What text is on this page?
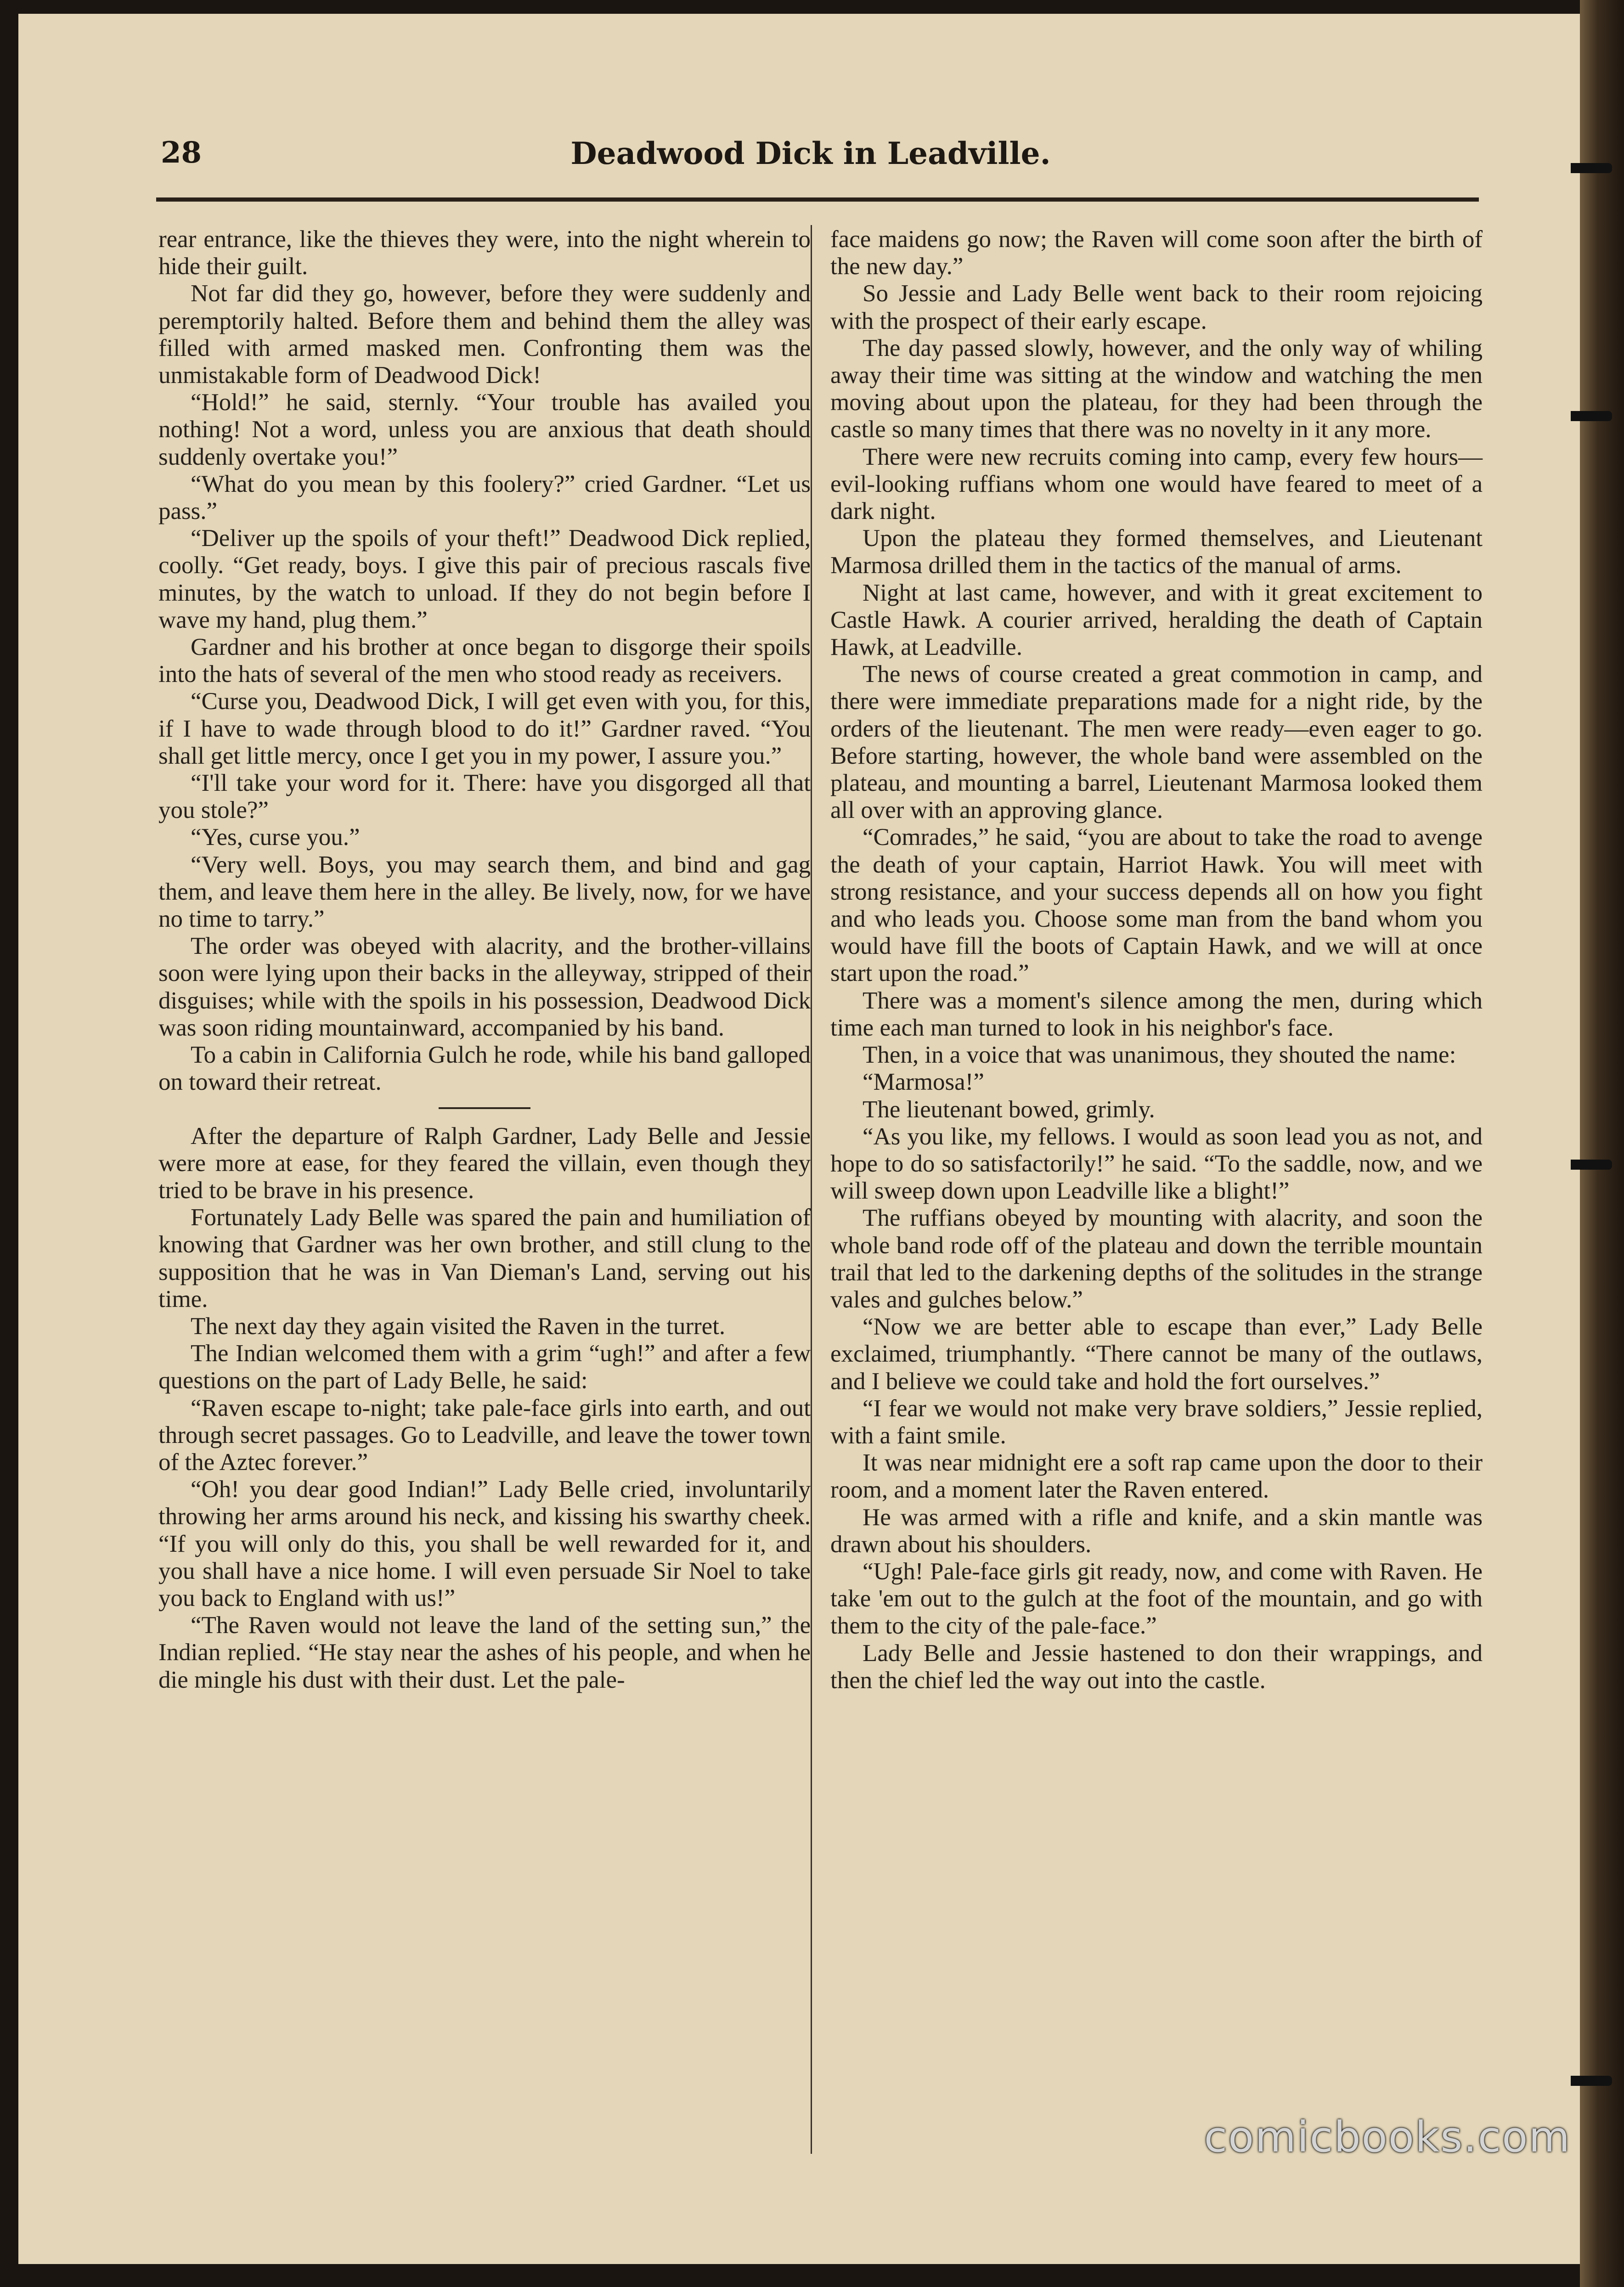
28	Deadwood Dick in Leadville.

rear entrance, like the thieves they were, into the night wherein to hide their guilt.

Not far did they go, however, before they were suddenly and peremptorily halted. Before them and behind them the alley was filled with armed masked men. Confronting them was the unmistakable form of Deadwood Dick!

“Hold!” he said, sternly. “Your trouble has availed you nothing! Not a word, unless you are anxious that death should suddenly overtake you!”

“What do you mean by this foolery?” cried Gardner. “Let us pass.”

“Deliver up the spoils of your theft!” Deadwood Dick replied, coolly. “Get ready, boys. I give this pair of precious rascals five minutes, by the watch to unload. If they do not begin before I wave my hand, plug them.”

Gardner and his brother at once began to disgorge their spoils into the hats of several of the men who stood ready as receivers.

“Curse you, Deadwood Dick, I will get even with you, for this, if I have to wade through blood to do it!” Gardner raved. “You shall get little mercy, once I get you in my power, I assure you.”

“I'll take your word for it. There: have you disgorged all that you stole?”

“Yes, curse you.”

“Very well. Boys, you may search them, and bind and gag them, and leave them here in the alley. Be lively, now, for we have no time to tarry.”

The order was obeyed with alacrity, and the brother-villains soon were lying upon their backs in the alleyway, stripped of their disguises; while with the spoils in his possession, Deadwood Dick was soon riding mountainward, accompanied by his band.

To a cabin in California Gulch he rode, while his band galloped on toward their retreat.

After the departure of Ralph Gardner, Lady Belle and Jessie were more at ease, for they feared the villain, even though they tried to be brave in his presence.

Fortunately Lady Belle was spared the pain and humiliation of knowing that Gardner was her own brother, and still clung to the supposition that he was in Van Dieman's Land, serving out his time.

The next day they again visited the Raven in the turret.

The Indian welcomed them with a grim “ugh!” and after a few questions on the part of Lady Belle, he said:

“Raven escape to-night; take pale-face girls into earth, and out through secret passages. Go to Leadville, and leave the tower town of the Aztec forever.”

“Oh! you dear good Indian!” Lady Belle cried, involuntarily throwing her arms around his neck, and kissing his swarthy cheek. “If you will only do this, you shall be well rewarded for it, and you shall have a nice home. I will even persuade Sir Noel to take you back to England with us!”

“The Raven would not leave the land of the setting sun,” the Indian replied. “He stay near the ashes of his people, and when he die mingle his dust with their dust. Let the pale-

face maidens go now; the Raven will come soon after the birth of the new day.”

So Jessie and Lady Belle went back to their room rejoicing with the prospect of their early escape.

The day passed slowly, however, and the only way of whiling away their time was sitting at the window and watching the men moving about upon the plateau, for they had been through the castle so many times that there was no novelty in it any more.

There were new recruits coming into camp, every few hours—evil-looking ruffians whom one would have feared to meet of a dark night.

Upon the plateau they formed themselves, and Lieutenant Marmosa drilled them in the tactics of the manual of arms.

Night at last came, however, and with it great excitement to Castle Hawk. A courier arrived, heralding the death of Captain Hawk, at Leadville.

The news of course created a great commotion in camp, and there were immediate preparations made for a night ride, by the orders of the lieutenant. The men were ready—even eager to go. Before starting, however, the whole band were assembled on the plateau, and mounting a barrel, Lieutenant Marmosa looked them all over with an approving glance.

“Comrades,” he said, “you are about to take the road to avenge the death of your captain, Harriot Hawk. You will meet with strong resistance, and your success depends all on how you fight and who leads you. Choose some man from the band whom you would have fill the boots of Captain Hawk, and we will at once start upon the road.”

There was a moment's silence among the men, during which time each man turned to look in his neighbor's face.

Then, in a voice that was unanimous, they shouted the name:

“Marmosa!”

The lieutenant bowed, grimly.

“As you like, my fellows. I would as soon lead you as not, and hope to do so satisfactorily!” he said. “To the saddle, now, and we will sweep down upon Leadville like a blight!”

The ruffians obeyed by mounting with alacrity, and soon the whole band rode off of the plateau and down the terrible mountain trail that led to the darkening depths of the solitudes in the strange vales and gulches below.”

“Now we are better able to escape than ever,” Lady Belle exclaimed, triumphantly. “There cannot be many of the outlaws, and I believe we could take and hold the fort ourselves.”

“I fear we would not make very brave soldiers,” Jessie replied, with a faint smile.

It was near midnight ere a soft rap came upon the door to their room, and a moment later the Raven entered.

He was armed with a rifle and knife, and a skin mantle was drawn about his shoulders.

“Ugh! Pale-face girls git ready, now, and come with Raven. He take 'em out to the gulch at the foot of the mountain, and go with them to the city of the pale-face.”

Lady Belle and Jessie hastened to don their wrappings, and then the chief led the way out into the castle.

comicbooks.com
